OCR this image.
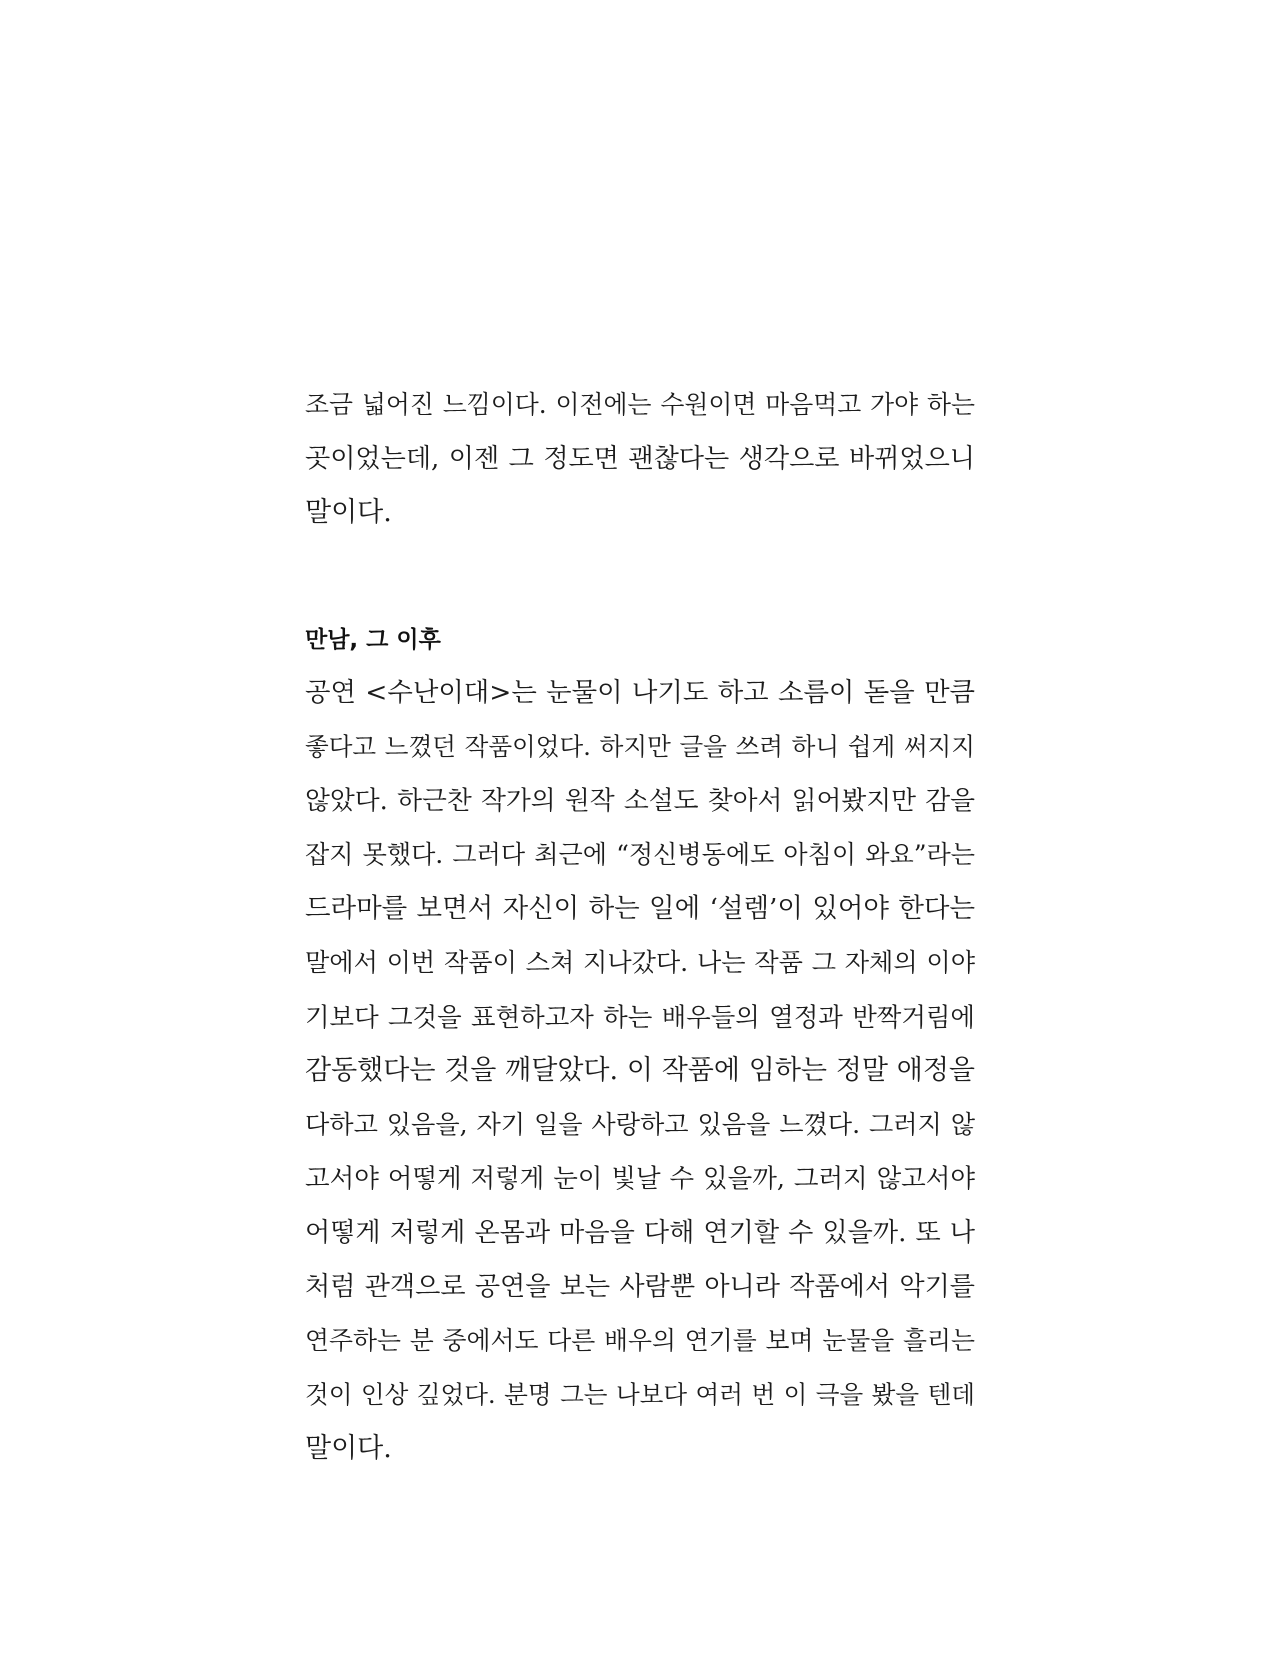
조금 넓어진 느낌이다. 이전에는 수원이면 마음먹고 가야 하는
곳이었는데, 이젠 그 정도면 괜찮다는 생각으로 바뀌었으니
말이다.
만남, 그 이후
공연 <수난이대>는 눈물이 나기도 하고 소름이 돋을 만큼
좋다고 느꼈던 작품이었다. 하지만 글을 쓰려 하니 쉽게 써지지
않았다. 하근찬 작가의 원작 소설도 찾아서 읽어봤지만 감을
잡지 못했다. 그러다 최근에 “정신병동에도 아침이 와요”라는
드라마를 보면서 자신이 하는 일에 ‘설렘’이 있어야 한다는
말에서 이번 작품이 스쳐 지나갔다. 나는 작품 그 자체의 이야
기보다 그것을 표현하고자 하는 배우들의 열정과 반짝거림에
감동했다는 것을 깨달았다. 이 작품에 임하는 정말 애정을
다하고 있음을, 자기 일을 사랑하고 있음을 느꼈다. 그러지 않
고서야 어떻게 저렇게 눈이 빛날 수 있을까, 그러지 않고서야
어떻게 저렇게 온몸과 마음을 다해 연기할 수 있을까. 또 나
처럼 관객으로 공연을 보는 사람뿐 아니라 작품에서 악기를
연주하는 분 중에서도 다른 배우의 연기를 보며 눈물을 흘리는
것이 인상 깊었다. 분명 그는 나보다 여러 번 이 극을 봤을 텐데
말이다.
